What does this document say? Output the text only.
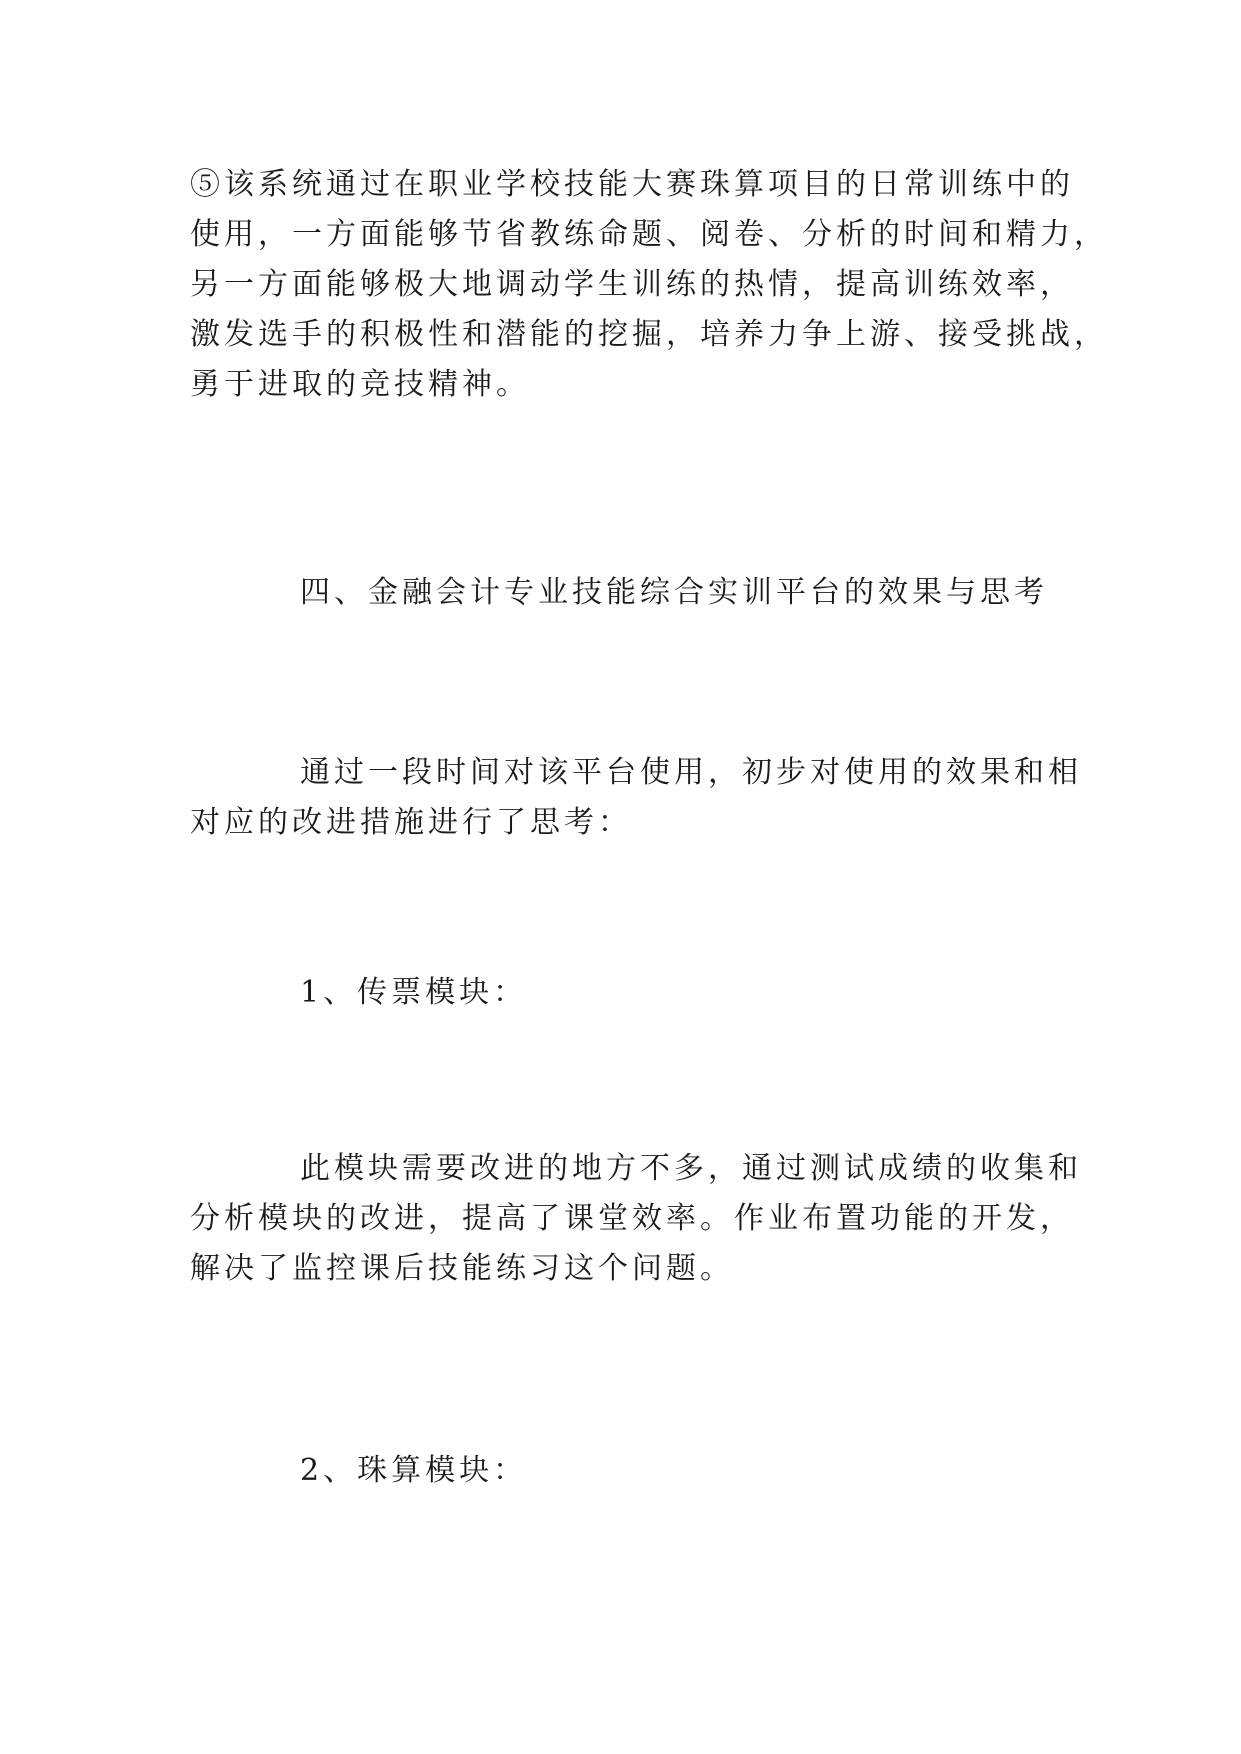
⑤该系统通过在职业学校技能大赛珠算项目的日常训练中的
使用，一方面能够节省教练命题、阅卷、分析的时间和精力，
另一方面能够极大地调动学生训练的热情，提高训练效率，
激发选手的积极性和潜能的挖掘，培养力争上游、接受挑战，
勇于进取的竞技精神。

四、金融会计专业技能综合实训平台的效果与思考

通过一段时间对该平台使用，初步对使用的效果和相
对应的改进措施进行了思考：

1、传票模块：

此模块需要改进的地方不多，通过测试成绩的收集和
分析模块的改进，提高了课堂效率。作业布置功能的开发，
解决了监控课后技能练习这个问题。

2、珠算模块：
